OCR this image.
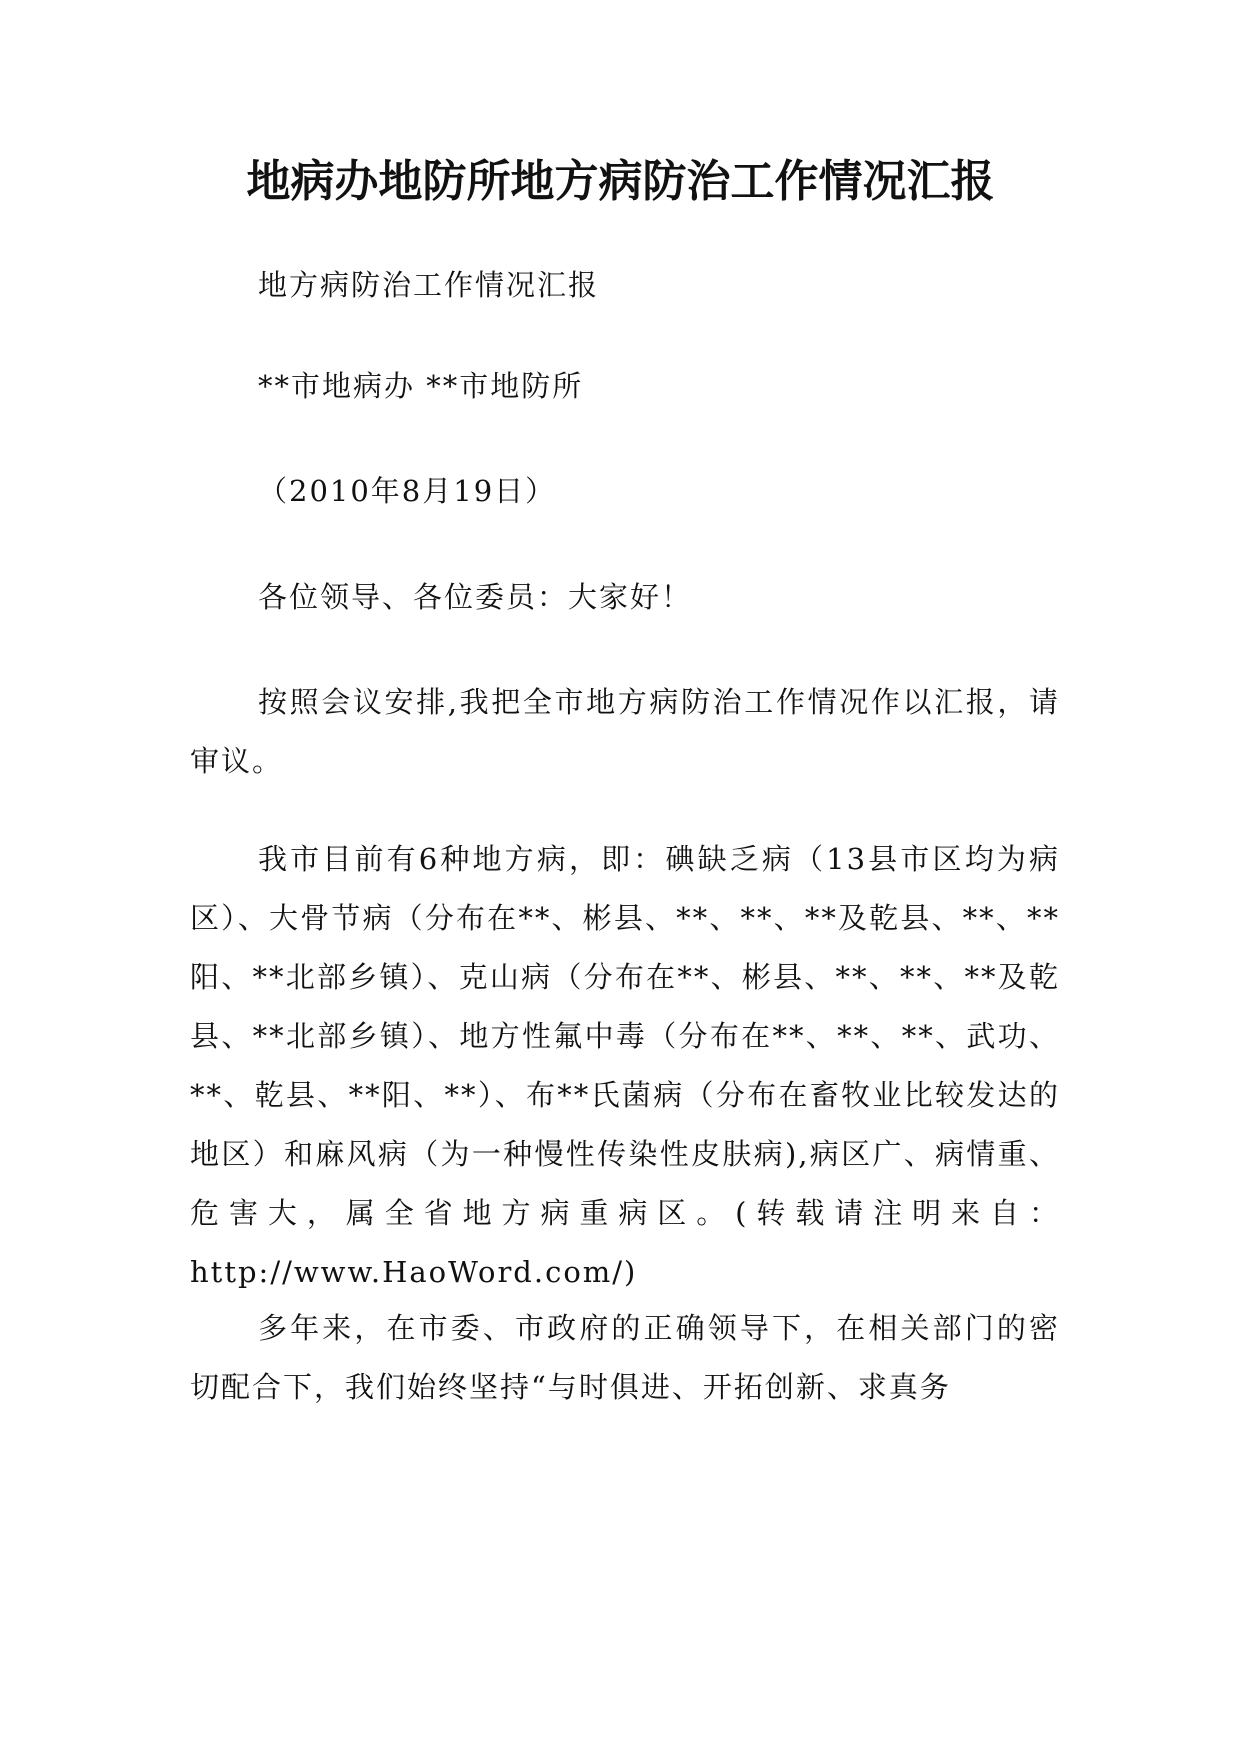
地病办地防所地方病防治工作情况汇报

地方病防治工作情况汇报

**市地病办 **市地防所

（2010年8月19日）

各位领导、各位委员：大家好！

按照会议安排,我把全市地方病防治工作情况作以汇报，请审议。

我市目前有6种地方病，即：碘缺乏病（13县市区均为病区）、大骨节病（分布在**、彬县、**、**、**及乾县、**、**阳、**北部乡镇）、克山病（分布在**、彬县、**、**、**及乾县、**北部乡镇）、地方性氟中毒（分布在**、**、**、武功、**、乾县、**阳、**）、布**氏菌病（分布在畜牧业比较发达的地区）和麻风病（为一种慢性传染性皮肤病),病区广、病情重、危害大，属全省地方病重病区。(转载请注明来自：http://www.HaoWord.com/)

多年来，在市委、市政府的正确领导下，在相关部门的密切配合下，我们始终坚持“与时俱进、开拓创新、求真务
